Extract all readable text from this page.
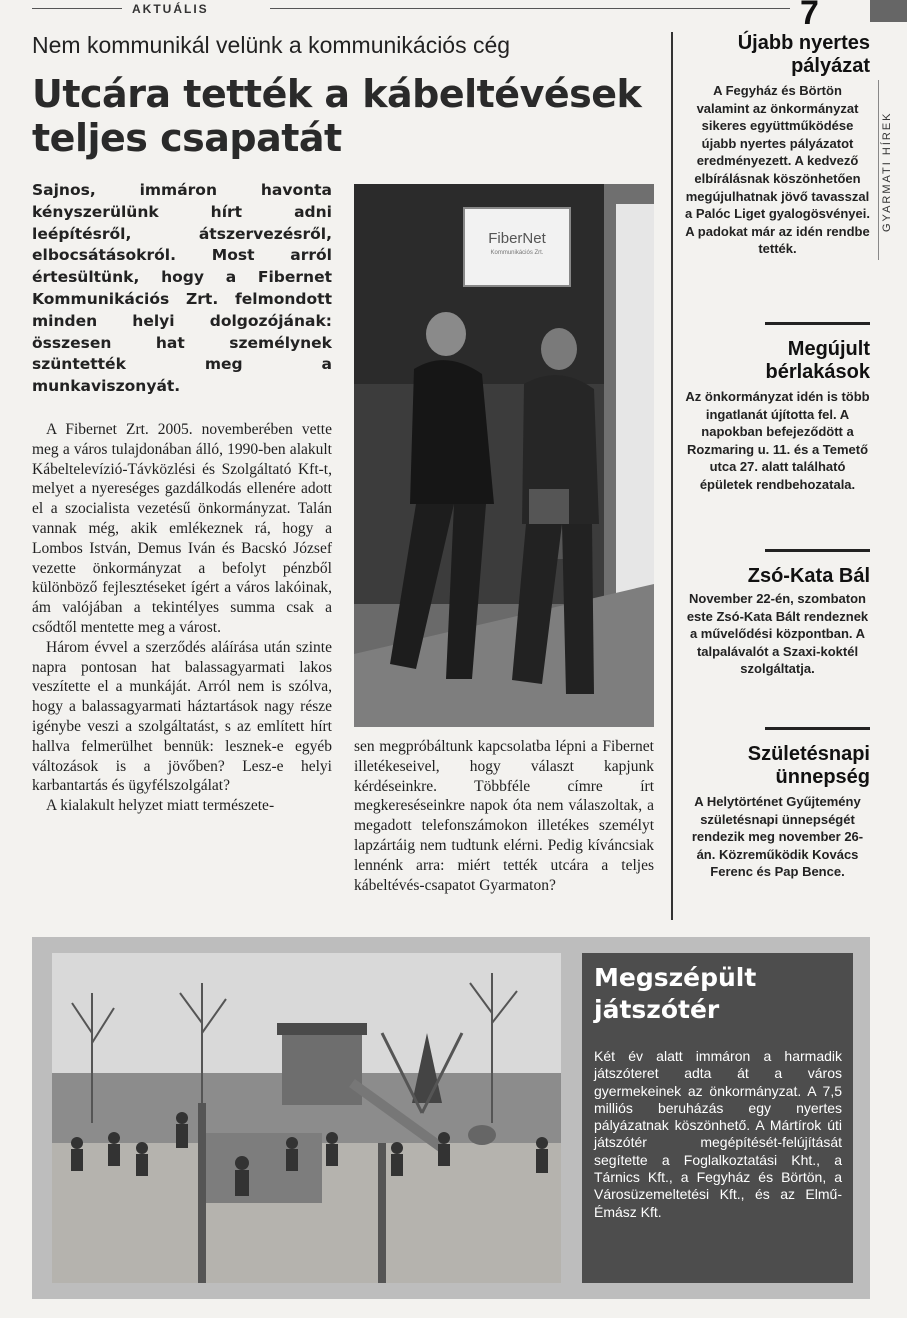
AKTUÁLIS	7
GYARMATI HÍREK
Nem kommunikál velünk a kommunikációs cég
Utcára tették a kábeltévések teljes csapatát
Sajnos, immáron havonta kényszerülünk hírt adni leépítésről, átszervezésről, elbocsátásokról. Most arról értesültünk, hogy a Fibernet Kommunikációs Zrt. felmondott minden helyi dolgozójának: összesen hat személynek szüntették meg a munkaviszonyát.

A Fibernet Zrt. 2005. novemberében vette meg a város tulajdonában álló, 1990-ben alakult Kábeltelevízió-Távközlési és Szolgáltató Kft-t, melyet a nyereséges gazdálkodás ellenére adott el a szocialista vezetésű önkormányzat. Talán vannak még, akik emlékeznek rá, hogy a Lombos István, Demus Iván és Bacskó József vezette önkormányzat a befolyt pénzből különböző fejlesztéseket ígért a város lakóinak, ám valójában a tekintélyes summa csak a csődtől mentette meg a várost.

Három évvel a szerződés aláírása után szinte napra pontosan hat balassagyarmati lakos veszítette el a munkáját. Arról nem is szólva, hogy a balassagyarmati háztartások nagy része igénybe veszi a szolgáltatást, s az említett hírt hallva felmerülhet bennük: lesznek-e egyéb változások is a jövőben? Lesz-e helyi karbantartás és ügyfélszolgálat?

A kialakult helyzet miatt természete-

FiberNet
Kommunikációs Zrt.

sen megpróbáltunk kapcsolatba lépni a Fibernet illetékeseivel, hogy választ kapjunk kérdéseinkre. Többféle címre írt megkereséseinkre napok óta nem válaszoltak, a megadott telefonszámokon illetékes személyt lapzártáig nem tudtunk elérni. Pedig kíváncsiak lennénk arra: miért tették utcára a teljes kábeltévés-csapatot Gyarmaton?

Újabb nyertes pályázat
A Fegyház és Börtön valamint az önkormányzat sikeres együttműködése újabb nyertes pályázatot eredményezett. A kedvező elbírálásnak köszönhetően megújulhatnak jövő tavasszal a Palóc Liget gyalogösvényei. A padokat már az idén rendbe tették.
Megújult bérlakások
Az önkormányzat idén is több ingatlanát újította fel. A napokban befejeződött a Rozmaring u. 11. és a Temető utca 27. alatt található épületek rendbehozatala.
Zsó-Kata Bál
November 22-én, szombaton este Zsó-Kata Bált rendeznek a művelődési központban. A talpalávalót a Szaxi-koktél szolgáltatja.
Születésnapi ünnepség
A Helytörténet Gyűjtemény születésnapi ünnepségét rendezik meg november 26-án. Közreműködik Kovács Ferenc és Pap Bence.
Megszépült játszótér
Két év alatt immáron a harmadik játszóteret adta át a város gyermekeinek az önkormányzat. A 7,5 milliós beruházás egy nyertes pályázatnak köszönhető. A Mártírok úti játszótér megépítését-felújítását segítette a Foglalkoztatási Kht., a Tárnics Kft., a Fegyház és Börtön, a Városüzemeltetési Kft., és az Elmű-Émász Kft.
